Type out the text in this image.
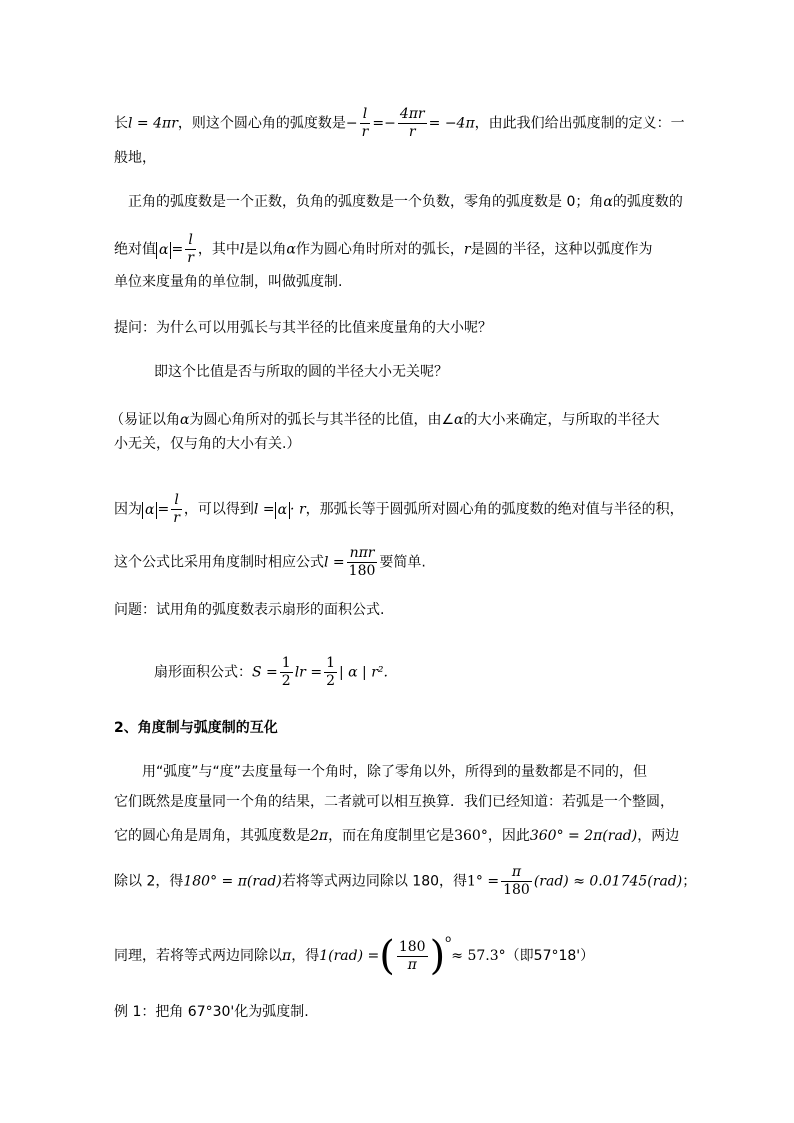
长l = 4πr，则这个圆心角的弧度数是− $\frac{l}{r} =- \frac{4\pi r}{r} = -4\pi$，由此我们给出弧度制的定义：一
般地，
正角的弧度数是一个正数，负角的弧度数是一个负数，零角的弧度数是 0；角α的弧度数的
绝对值 $\alpha = \frac{l}{r}$ ，其中l是以角α作为圆心角时所对的弧长，r是圆的半径，这种以弧度作为
单位来度量角的单位制，叫做弧度制.
提问：为什么可以用弧长与其半径的比值来度量角的大小呢？
即这个比值是否与所取的圆的半径大小无关呢？
（易证以角α为圆心角所对的弧长与其半径的比值，由∠α的大小来确定，与所取的半径大
小无关，仅与角的大小有关.）
因为 $\alpha = \frac{l}{r}$ ，可以得到l = α · r，那弧长等于圆弧所对圆心角的弧度数的绝对值与半径的积，
这个公式比采用角度制时相应公式$l = \frac{\text{nπr}}{180}$ 要简单.
问题：试用角的弧度数表示扇形的面积公式.
扇形面积公式：$S = \frac{1}{2}$ lr = $\frac{1}{2}$ | α | r².
2、角度制与弧度制的互化
用“弧度”与“度”去度量每一个角时，除了零角以外，所得到的量数都是不同的，但
它们既然是度量同一个角的结果，二者就可以相互换算．我们已经知道：若弧是一个整圆，
它的圆心角是周角，其弧度数是2π，而在角度制里它是360°，因此360° = 2π(rad)，两边
除以 2，得180° = π(rad)若将等式两边同除以 180，得$1^\circ = \frac{\pi}{180} (rad) \approx 0.01745(rad)$；
同理，若将等式两边同除以π，得1(rad) =( $\frac{180}{\pi} )^o\approx 57.3^\circ$（即57°18'）
例 1：把角 67°30'化为弧度制.
